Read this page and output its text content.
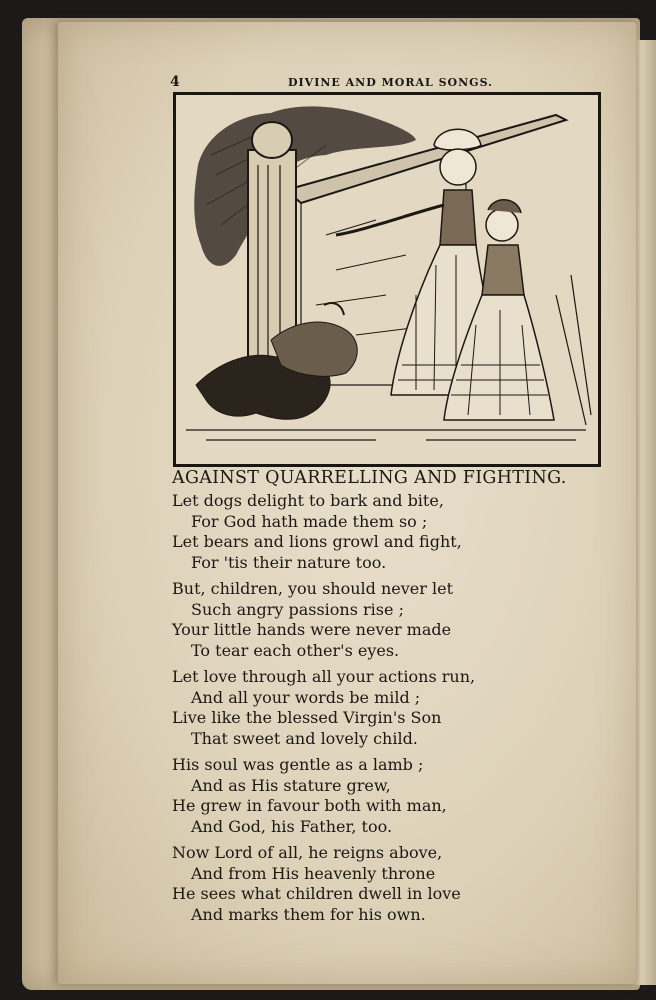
4	DIVINE AND MORAL SONGS.
AGAINST QUARRELLING AND FIGHTING.
Let dogs delight to bark and bite,
For God hath made them so ;
Let bears and lions growl and fight,
For 'tis their nature too.
But, children, you should never let
Such angry passions rise ;
Your little hands were never made
To tear each other's eyes.
Let love through all your actions run,
And all your words be mild ;
Live like the blessed Virgin's Son
That sweet and lovely child.
His soul was gentle as a lamb ;
And as His stature grew,
He grew in favour both with man,
And God, his Father, too.
Now Lord of all, he reigns above,
And from His heavenly throne
He sees what children dwell in love
And marks them for his own.
